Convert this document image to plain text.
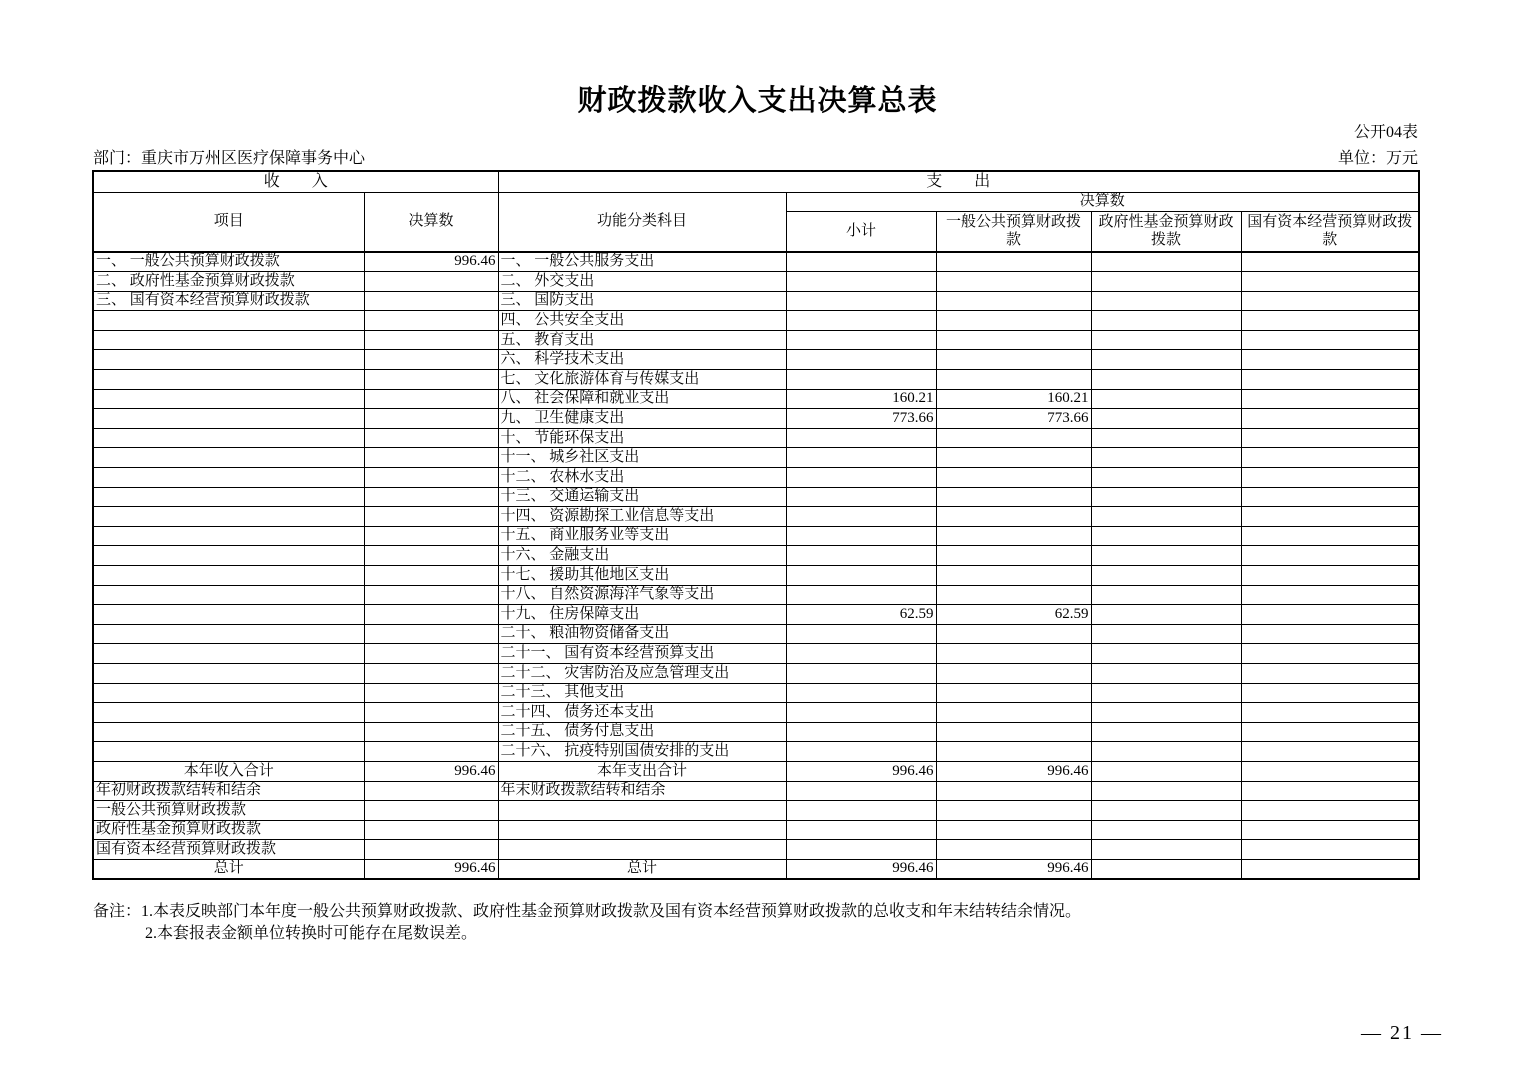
财政拨款收入支出决算总表
公开04表
部门：重庆市万州区医疗保障事务中心	单位：万元
收　　入		支　　出				
项目	决算数	功能分类科目	决算数			
			小计	一般公共预算财政拨款	政府性基金预算财政拨款	国有资本经营预算财政拨款
一、 一般公共预算财政拨款	996.46	一、 一般公共服务支出				
二、 政府性基金预算财政拨款		二、 外交支出				
三、 国有资本经营预算财政拨款		三、 国防支出				
		四、 公共安全支出				
		五、 教育支出				
		六、 科学技术支出				
		七、 文化旅游体育与传媒支出				
		八、 社会保障和就业支出	160.21	160.21		
		九、 卫生健康支出	773.66	773.66		
		十、 节能环保支出				
		十一、 城乡社区支出				
		十二、 农林水支出				
		十三、 交通运输支出				
		十四、 资源勘探工业信息等支出				
		十五、 商业服务业等支出				
		十六、 金融支出				
		十七、 援助其他地区支出				
		十八、 自然资源海洋气象等支出				
		十九、 住房保障支出	62.59	62.59		
		二十、 粮油物资储备支出				
		二十一、 国有资本经营预算支出				
		二十二、 灾害防治及应急管理支出				
		二十三、 其他支出				
		二十四、 债务还本支出				
		二十五、 债务付息支出				
		二十六、 抗疫特别国债安排的支出				
本年收入合计	996.46	本年支出合计	996.46	996.46		
年初财政拨款结转和结余		年末财政拨款结转和结余				
一般公共预算财政拨款						
政府性基金预算财政拨款						
国有资本经营预算财政拨款						
总计	996.46	总计	996.46	996.46		
备注：1.本表反映部门本年度一般公共预算财政拨款、政府性基金预算财政拨款及国有资本经营预算财政拨款的总收支和年末结转结余情况。
2.本套报表金额单位转换时可能存在尾数误差。
— 21 —
